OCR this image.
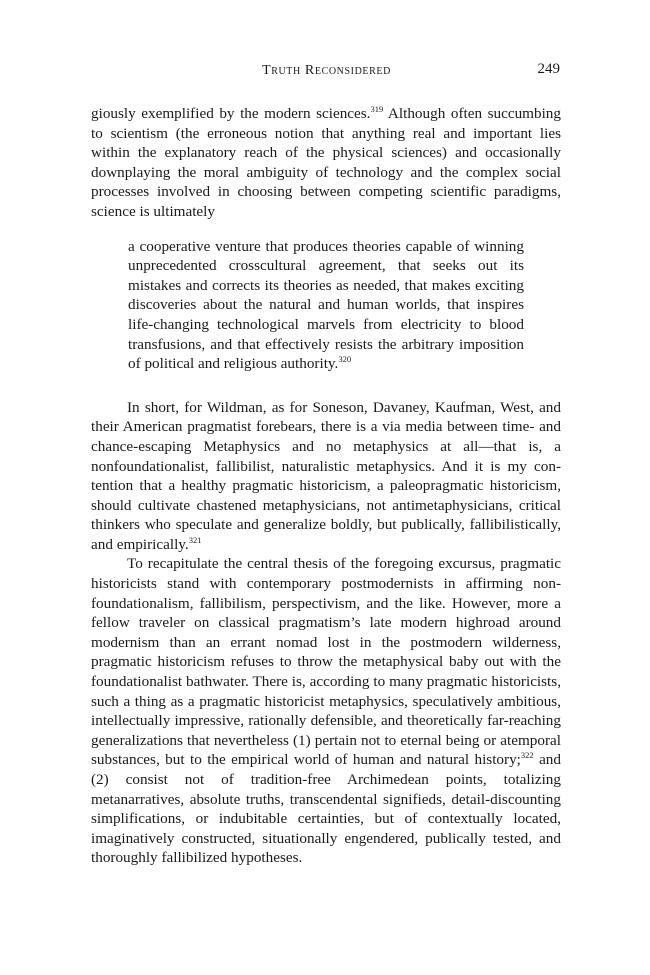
Truth Reconsidered	249

giously exemplified by the modern sciences.$^{319}$ Although often succumbing to scientism (the erroneous notion that anything real and important lies within the explanatory reach of the physical sciences) and occasionally downplaying the moral ambiguity of technology and the complex social processes involved in choosing between competing scientific paradigms, science is ultimately

a cooperative venture that produces theories capable of winning unprecedented crosscultural agreement, that seeks out its mistakes and corrects its theories as needed, that makes exciting discoveries about the natural and human worlds, that inspires life-changing technological marvels from electricity to blood transfusions, and that effectively resists the arbitrary imposition of political and religious authority.$^{320}$

In short, for Wildman, as for Soneson, Davaney, Kaufman, West, and their American pragmatist forebears, there is a via media between time- and chance-escaping Metaphysics and no metaphysics at all—that is, a nonfoundationalist, fallibilist, naturalistic metaphysics. And it is my contention that a healthy pragmatic historicism, a paleopragmatic historicism, should cultivate chastened metaphysicians, not antimetaphysicians, critical thinkers who speculate and generalize boldly, but publically, fallibilistically, and empirically.$^{321}$

To recapitulate the central thesis of the foregoing excursus, pragmatic historicists stand with contemporary postmodernists in affirming nonfoundationalism, fallibilism, perspectivism, and the like. However, more a fellow traveler on classical pragmatism’s late modern highroad around modernism than an errant nomad lost in the postmodern wilderness, pragmatic historicism refuses to throw the metaphysical baby out with the foundationalist bathwater. There is, according to many pragmatic historicists, such a thing as a pragmatic historicist metaphysics, speculatively ambitious, intellectually impressive, rationally defensible, and theoretically far-reaching generalizations that nevertheless (1) pertain not to eternal being or atemporal substances, but to the empirical world of human and natural history;$^{322}$ and (2) consist not of tradition-free Archimedean points, totalizing metanarratives, absolute truths, transcendental signifieds, detail-discounting simplifications, or indubitable certainties, but of contextually located, imaginatively constructed, situationally engendered, publically tested, and thoroughly fallibilized hypotheses.
